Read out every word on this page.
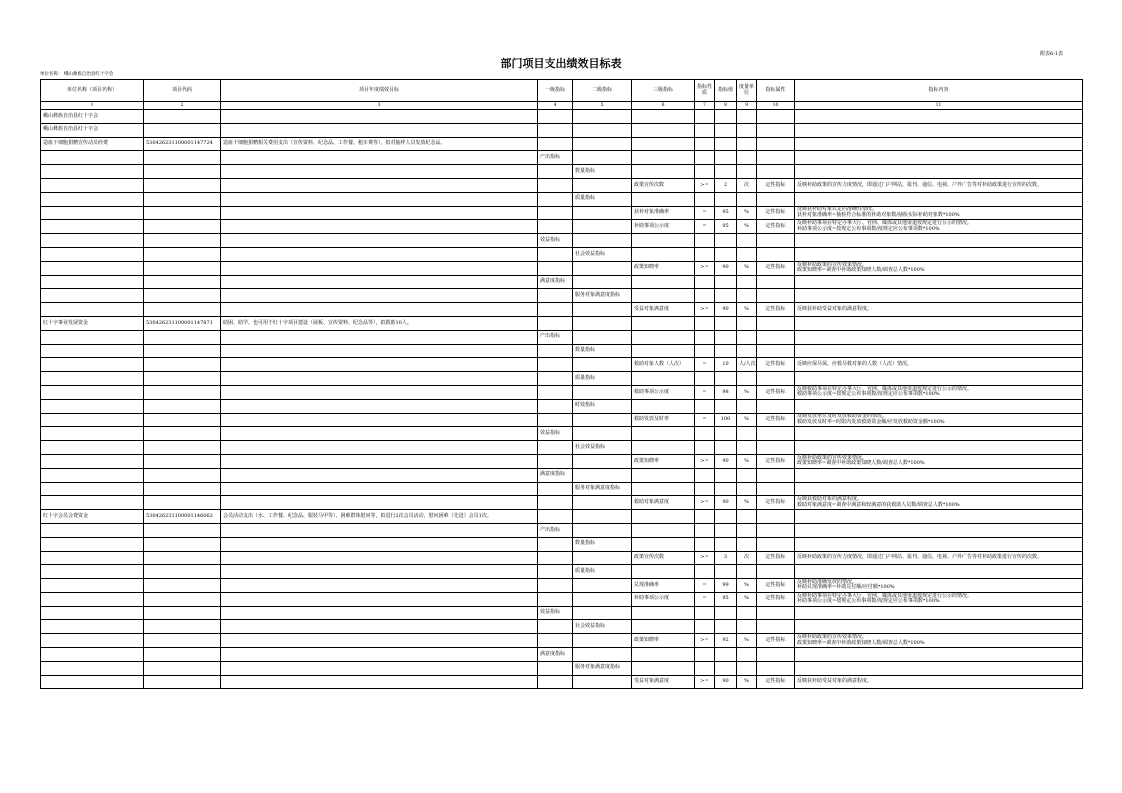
附表6-1表
部门项目支出绩效目标表
单位名称： 峨山彝族自治县红十字会
单位名称（项目名称）	项目代码	项目年度绩效目标	一级指标	二级指标	三级指标	指标性质	指标值	度量单位	指标属性	指标内容
1	2	3	4	5	6	7	8	9	10	11
峨山彝族自治县红十字会										
峨山彝族自治县红十字会										
造血干细胞捐赠宣传动员经费	53042623110000114772​4	造血干细胞捐赠相关费用支出（宣传资料、纪念品、工作餐、租车费等），拟对抽样人员发放纪念品。								
			产出指标							
				数量指标						
					政策宣传次数	>=	2	次	定性指标	反映补助政策的宣传力度情况，即通过门户网站、报刊、通信、电视、户外广告等对补助政策进行宣传的次数。
				质量指标						
					获补对象准确率	=	95	%	定性指标	反映获补助对象认定的准确性情况。
获补对象准确率=抽检符合标准的补助对象数/抽检实际补助对象数*100%
					补助事项公示度	=	95	%	定性指标	反映补助事项在特定办事大厅、官网、媒体或其他渠道按规定进行公示的情况。
补助事项公示度=按规定公布事项数/按规定应公布事项数*100%
			效益指标							
				社会效益指标						
					政策知晓率	>=	90	%	定性指标	反映补助政策的宣传效果情况。
政策知晓率=调查中补助政策知晓人数/调查总人数*100%
			满意度指标							
				服务对象满意度指标						
					受益对象满意度	>=	90	%	定性指标	反映获补助受益对象的满意程度。
红十字事业发展资金	530426231100001147871	助困、助学、也可用于红十字项目建设（展板、宣传资料、纪念品等），拟救助10人。								
			产出指标							
				数量指标						
					救助对象人数（人次）	=	10	人/人次	定性指标	反映应保尽保，应救尽救对象的人数（人次）情况。
				质量指标						
					救助事项公示度	=	98	%	定性指标	反映救助事项在特定办事大厅、官网、媒体或其他渠道按规定进行公示的情况。
救助事项公示度=按规定公布事项数/按规定应公布事项数*100%
				时效指标						
					救助发放及时率	=	100	%	定性指标	反映发放单位及时发放救助资金的情况。
救助发放及时率=时限内发放救助资金额/应发放救助资金额*100%
			效益指标							
				社会效益指标						
					政策知晓率	>=	90	%	定性指标	反映补助政策的宣传效果情况。
政策知晓率=调查中补助政策知晓人数/调查总人数*100%
			满意度指标							
				服务对象满意度指标						
					救助对象满意度	>=	90	%	定性指标	反映获救助对象的满意程度。
救助对象满意度=调查中满意和较满意的获救助人员数/调查总人数*100%
红十字会员会费资金	530426231100001146062	会员活动支出（水、工作餐、纪念品、服装马甲等），困难群体慰问等，拟进行2次会员活动，慰问困难（先进）会员1次。								
			产出指标							
				数量指标						
					政策宣传次数	>=	3	次	定性指标	反映补助政策的宣传力度情况，即通过门户网站、报刊、通信、电视、户外广告等对补助政策进行宣传的次数。
				质量指标						
					兑现准确率	=	99	%	定性指标	反映补助准确发放的情况。
补助兑现准确率=补助兑付额/应付额*100%
					补助事项公示度	=	95	%	定性指标	反映补助事项在特定办事大厅、官网、媒体或其他渠道按规定进行公示的情况。
补助事项公示度=按规定公布事项数/按规定应公布事项数*100%
			效益指标							
				社会效益指标						
					政策知晓率	>=	92	%	定性指标	反映补助政策的宣传效果情况。
政策知晓率=调查中补助政策知晓人数/调查总人数*100%
			满意度指标							
				服务对象满意度指标						
					受益对象满意度	>=	90	%	定性指标	反映获补助受益对象的满意程度。
